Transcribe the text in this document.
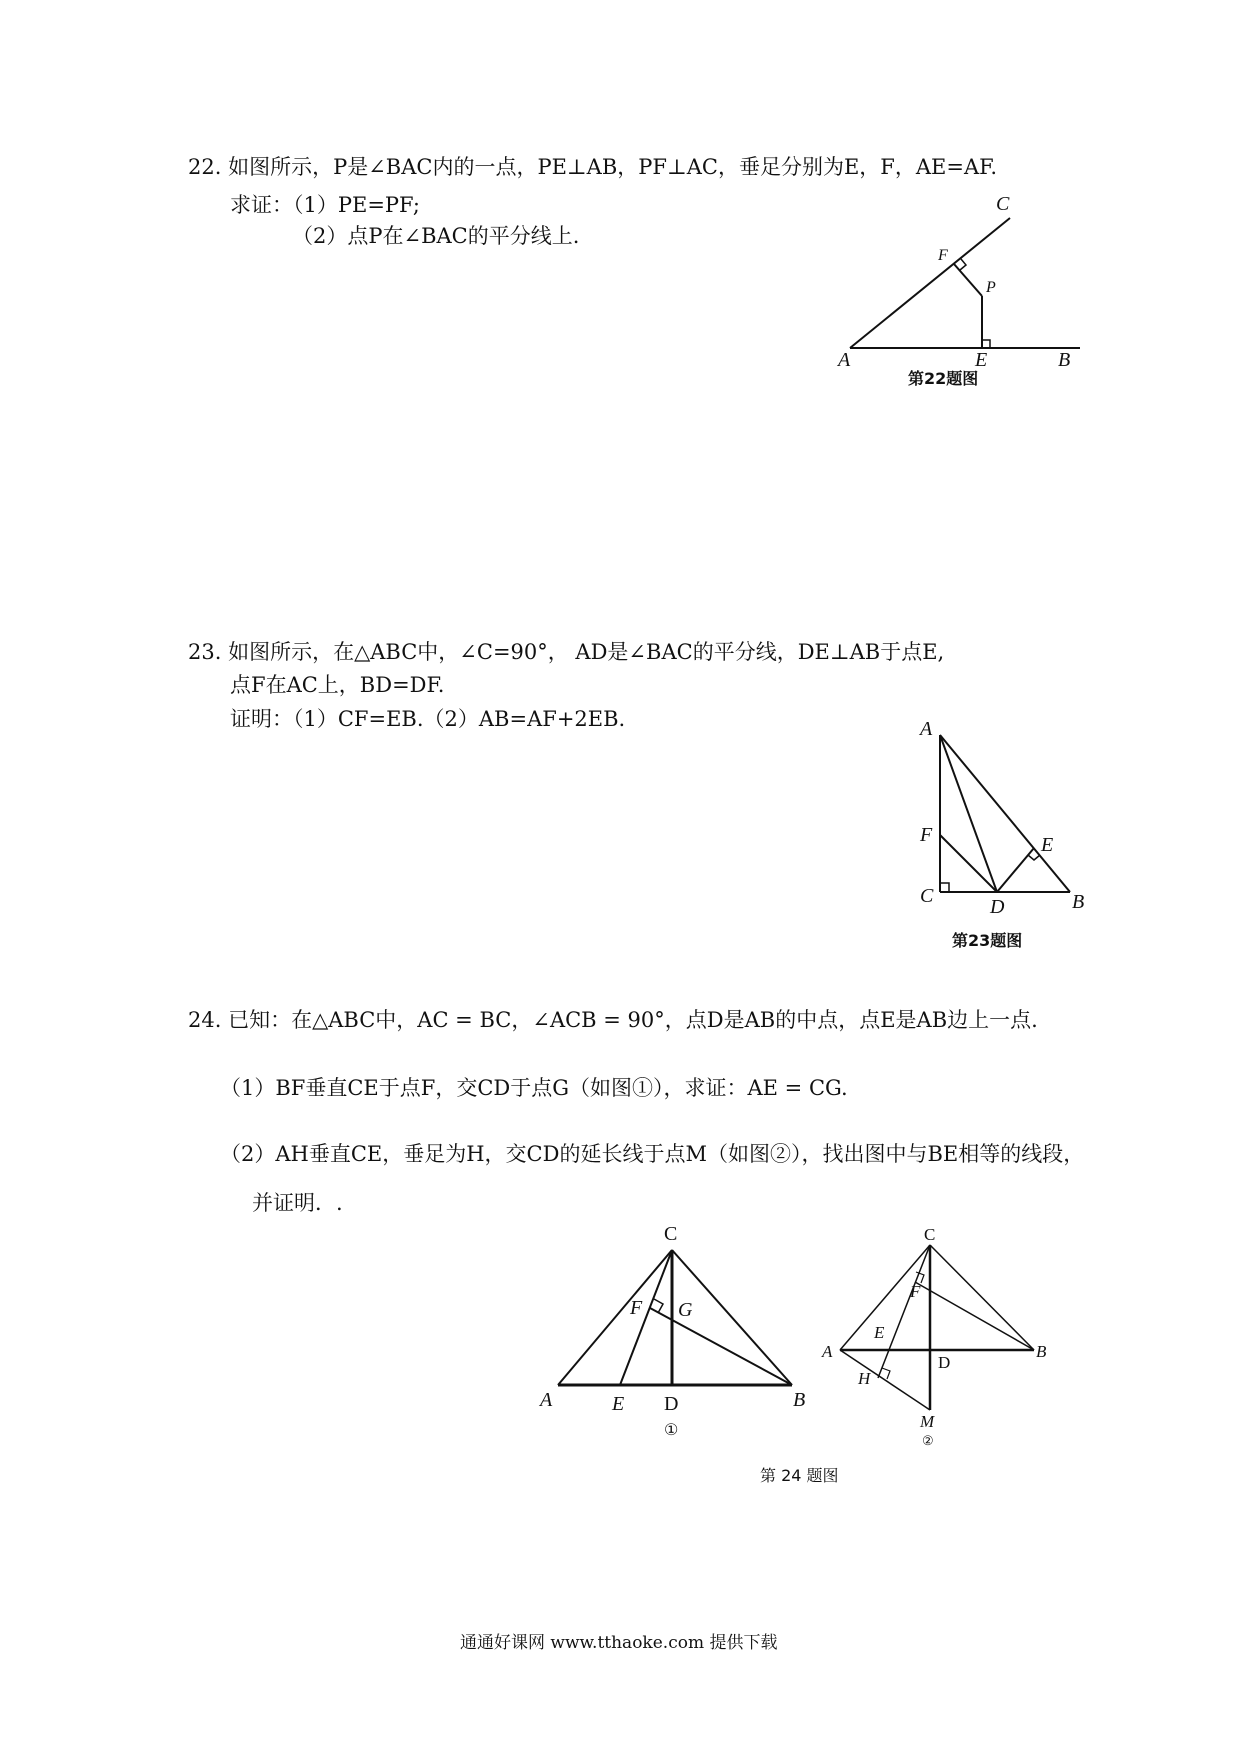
22. 如图所示，P是∠BAC内的一点，PE⊥AB，PF⊥AC，垂足分别为E，F，AE=AF.
求证：（1）PE=PF;
（2）点P在∠BAC的平分线上.
C
F
P
A	E	B
第22题图
23. 如图所示，在△ABC中，∠C=90°， AD是∠BAC的平分线，DE⊥AB于点E,
点F在AC上，BD=DF.
证明：（1）CF=EB.（2）AB=AF+2EB.	A
F	E
C	D	B
第23题图
24. 已知：在△ABC中，AC = BC，∠ACB = 90°，点D是AB的中点，点E是AB边上一点.
（1）BF垂直CE于点F，交CD于点G（如图①），求证：AE = CG.
（2）AH垂直CE，垂足为H，交CD的延长线于点M（如图②），找出图中与BE相等的线段，
并证明．.
C
F G
A	E D	B
①
C
F
E
A
D
B
H
M
②
第 24 题图
通通好课网 www.tthaoke.com 提供下载
